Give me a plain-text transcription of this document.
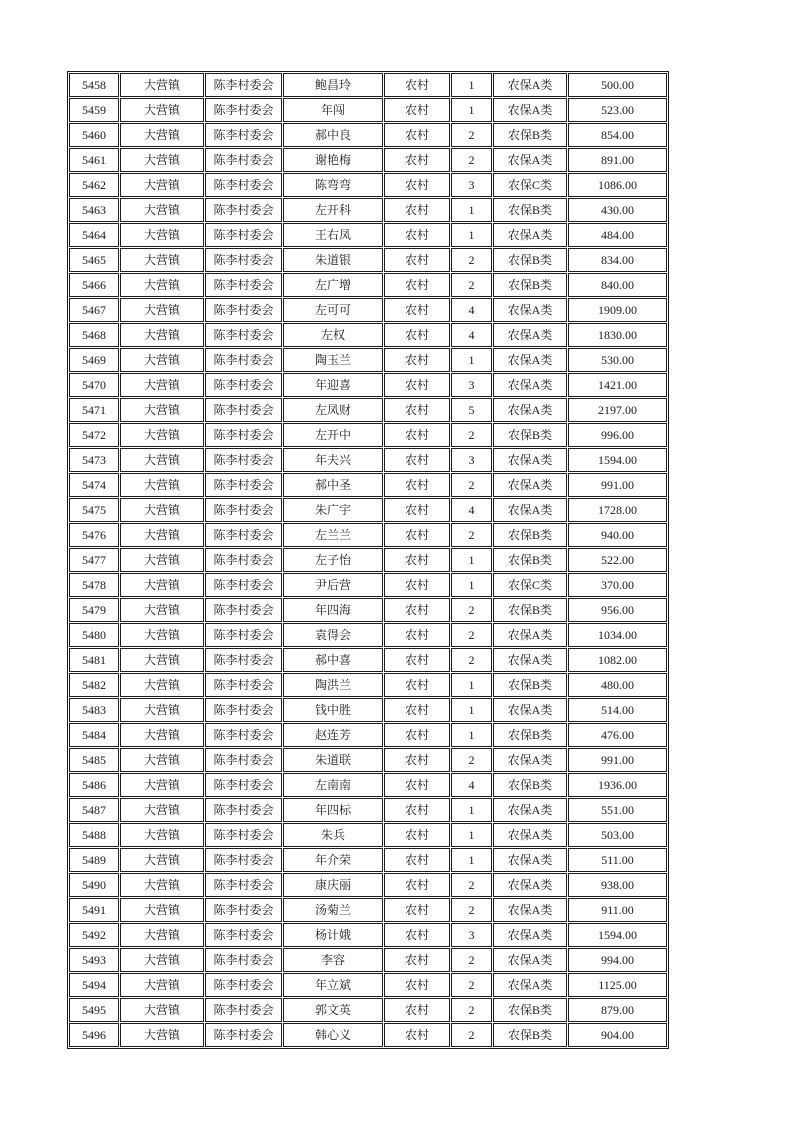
5458	大营镇	陈李村委会	鲍昌玲	农村	1	农保A类	500.00
5459	大营镇	陈李村委会	年闯	农村	1	农保A类	523.00
5460	大营镇	陈李村委会	郝中良	农村	2	农保B类	854.00
5461	大营镇	陈李村委会	谢艳梅	农村	2	农保A类	891.00
5462	大营镇	陈李村委会	陈弯弯	农村	3	农保C类	1086.00
5463	大营镇	陈李村委会	左开科	农村	1	农保B类	430.00
5464	大营镇	陈李村委会	王右凤	农村	1	农保A类	484.00
5465	大营镇	陈李村委会	朱道银	农村	2	农保B类	834.00
5466	大营镇	陈李村委会	左广增	农村	2	农保B类	840.00
5467	大营镇	陈李村委会	左可可	农村	4	农保A类	1909.00
5468	大营镇	陈李村委会	左权	农村	4	农保A类	1830.00
5469	大营镇	陈李村委会	陶玉兰	农村	1	农保A类	530.00
5470	大营镇	陈李村委会	年迎喜	农村	3	农保A类	1421.00
5471	大营镇	陈李村委会	左凤财	农村	5	农保A类	2197.00
5472	大营镇	陈李村委会	左开中	农村	2	农保B类	996.00
5473	大营镇	陈李村委会	年夫兴	农村	3	农保A类	1594.00
5474	大营镇	陈李村委会	郝中圣	农村	2	农保A类	991.00
5475	大营镇	陈李村委会	朱广宇	农村	4	农保A类	1728.00
5476	大营镇	陈李村委会	左兰兰	农村	2	农保B类	940.00
5477	大营镇	陈李村委会	左子怡	农村	1	农保B类	522.00
5478	大营镇	陈李村委会	尹后营	农村	1	农保C类	370.00
5479	大营镇	陈李村委会	年四海	农村	2	农保B类	956.00
5480	大营镇	陈李村委会	袁得会	农村	2	农保A类	1034.00
5481	大营镇	陈李村委会	郝中喜	农村	2	农保A类	1082.00
5482	大营镇	陈李村委会	陶洪兰	农村	1	农保B类	480.00
5483	大营镇	陈李村委会	钱中胜	农村	1	农保A类	514.00
5484	大营镇	陈李村委会	赵连芳	农村	1	农保B类	476.00
5485	大营镇	陈李村委会	朱道联	农村	2	农保A类	991.00
5486	大营镇	陈李村委会	左南南	农村	4	农保B类	1936.00
5487	大营镇	陈李村委会	年四标	农村	1	农保A类	551.00
5488	大营镇	陈李村委会	朱兵	农村	1	农保A类	503.00
5489	大营镇	陈李村委会	年介荣	农村	1	农保A类	511.00
5490	大营镇	陈李村委会	康庆丽	农村	2	农保A类	938.00
5491	大营镇	陈李村委会	汤菊兰	农村	2	农保A类	911.00
5492	大营镇	陈李村委会	杨计娥	农村	3	农保A类	1594.00
5493	大营镇	陈李村委会	李容	农村	2	农保A类	994.00
5494	大营镇	陈李村委会	年立斌	农村	2	农保A类	1125.00
5495	大营镇	陈李村委会	郭文英	农村	2	农保B类	879.00
5496	大营镇	陈李村委会	韩心义	农村	2	农保B类	904.00
